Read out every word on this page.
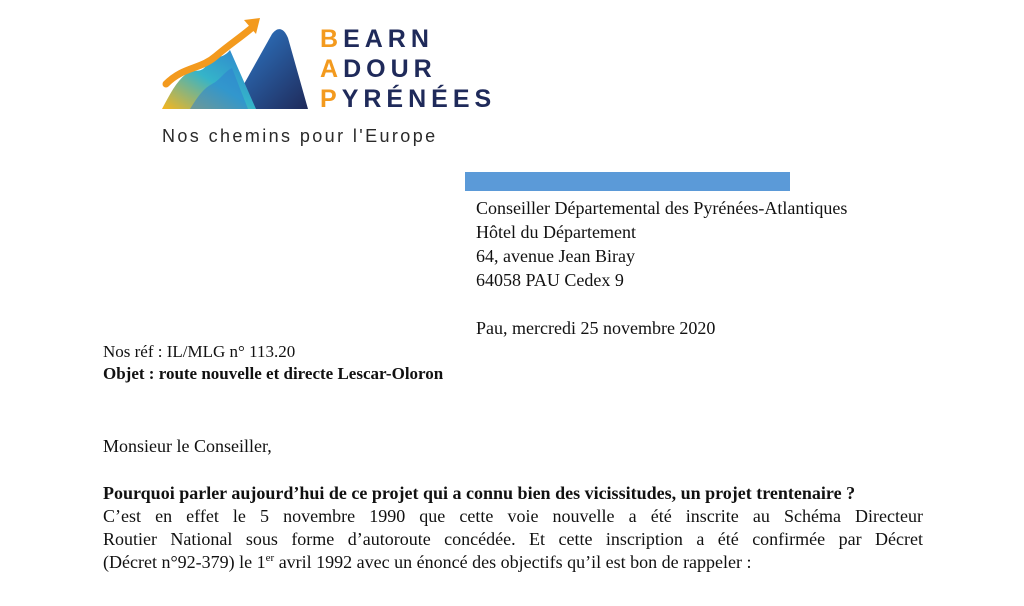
BEARN
ADOUR
PYRÉNÉES
Nos chemins pour l'Europe
Conseiller Départemental des Pyrénées-Atlantiques
Hôtel du Département
64, avenue Jean Biray
64058 PAU Cedex 9
Pau, mercredi 25 novembre 2020
Nos réf : IL/MLG n° 113.20
Objet : route nouvelle et directe Lescar-Oloron
Monsieur le Conseiller,

Pourquoi parler aujourd’hui de ce projet qui a connu bien des vicissitudes, un projet trentenaire ?

C’est en effet le 5 novembre 1990 que cette voie nouvelle a été inscrite au Schéma Directeur
Routier National sous forme d’autoroute concédée. Et cette inscription a été confirmée par Décret
(Décret n°92-379) le 1er avril 1992 avec un énoncé des objectifs qu’il est bon de rappeler :
